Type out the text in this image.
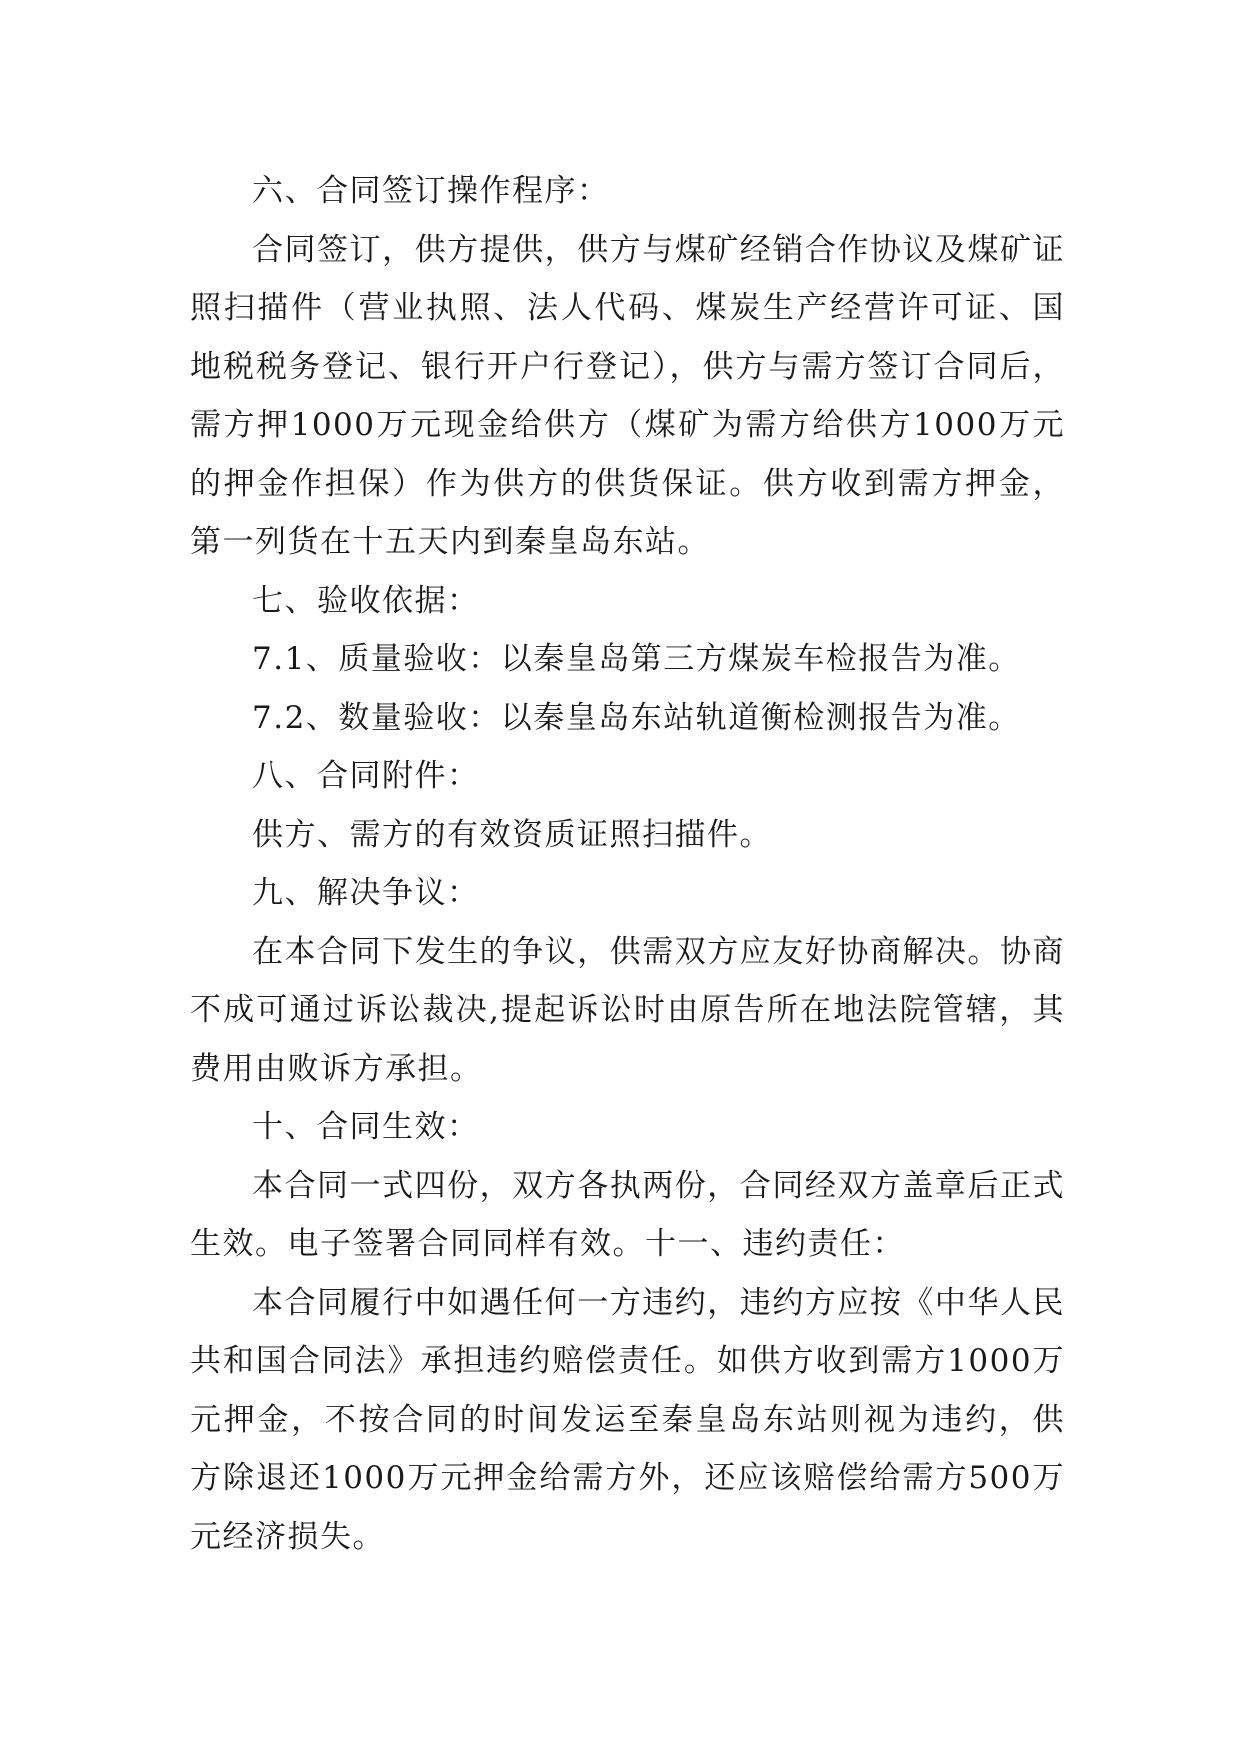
六、合同签订操作程序：

合同签订，供方提供，供方与煤矿经销合作协议及煤矿证照扫描件（营业执照、法人代码、煤炭生产经营许可证、国地税税务登记、银行开户行登记），供方与需方签订合同后，需方押1000万元现金给供方（煤矿为需方给供方1000万元的押金作担保）作为供方的供货保证。供方收到需方押金，第一列货在十五天内到秦皇岛东站。

七、验收依据：

7.1、质量验收：以秦皇岛第三方煤炭车检报告为准。

7.2、数量验收：以秦皇岛东站轨道衡检测报告为准。

八、合同附件：

供方、需方的有效资质证照扫描件。

九、解决争议：

在本合同下发生的争议，供需双方应友好协商解决。协商不成可通过诉讼裁决,提起诉讼时由原告所在地法院管辖，其费用由败诉方承担。

十、合同生效：

本合同一式四份，双方各执两份，合同经双方盖章后正式生效。电子签署合同同样有效。十一、违约责任：

本合同履行中如遇任何一方违约，违约方应按《中华人民共和国合同法》承担违约赔偿责任。如供方收到需方1000万元押金，不按合同的时间发运至秦皇岛东站则视为违约，供方除退还1000万元押金给需方外，还应该赔偿给需方500万元经济损失。
